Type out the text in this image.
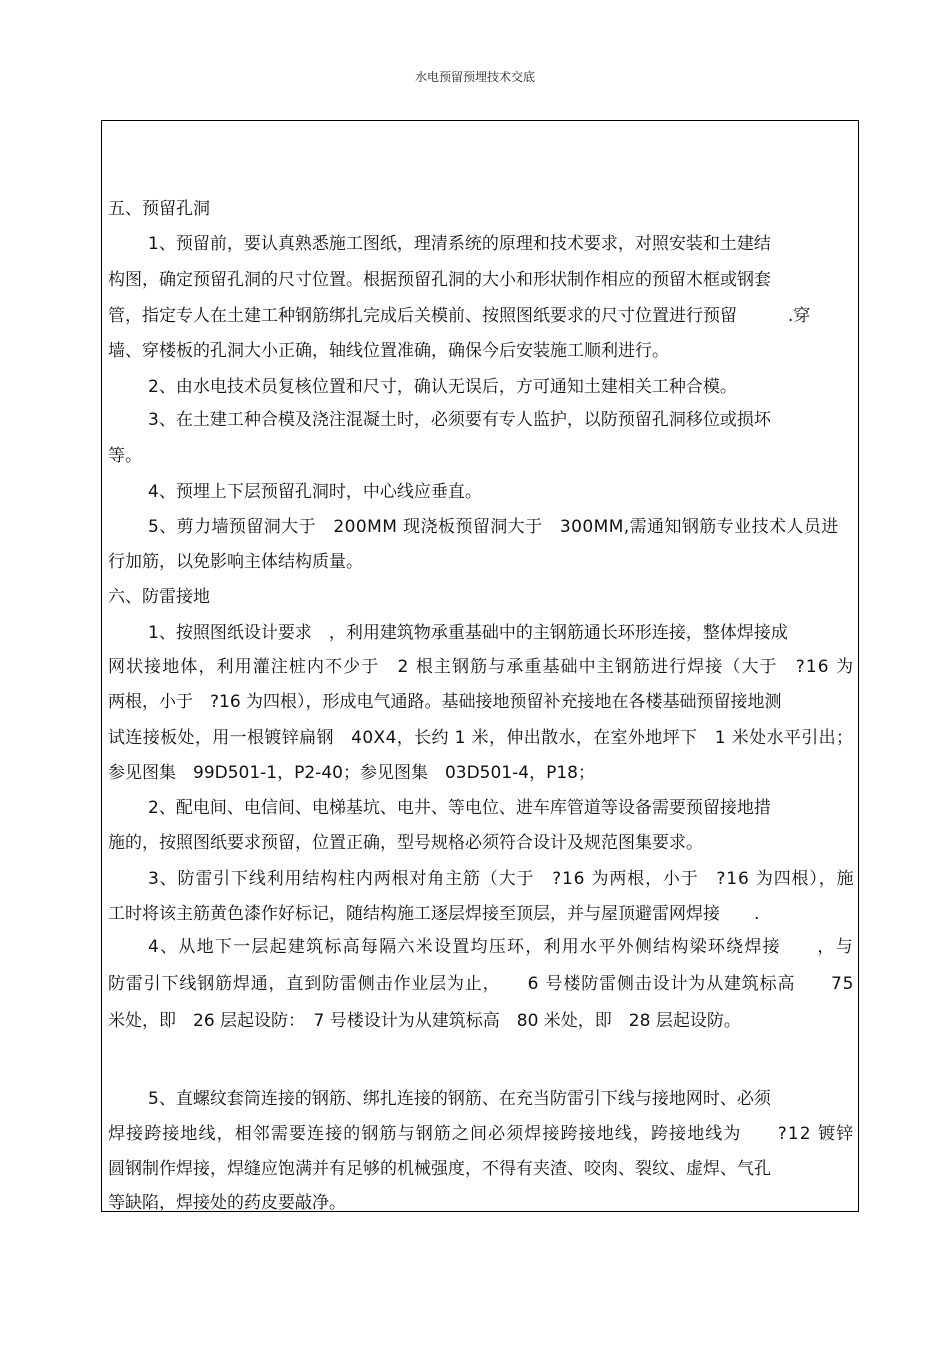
水电预留预埋技术交底
五、预留孔洞
1、预留前，要认真熟悉施工图纸，理清系统的原理和技术要求，对照安装和土建结
构图，确定预留孔洞的尺寸位置。根据预留孔洞的大小和形状制作相应的预留木框或钢套
管，指定专人在土建工种钢筋绑扎完成后关模前、按照图纸要求的尺寸位置进行预留　　　.穿
墙、穿楼板的孔洞大小正确，轴线位置准确，确保今后安装施工顺利进行。
2、由水电技术员复核位置和尺寸，确认无误后，方可通知土建相关工种合模。
3、在土建工种合模及浇注混凝土时，必须要有专人监护，以防预留孔洞移位或损坏
等。
4、预埋上下层预留孔洞时，中心线应垂直。
5、剪力墙预留洞大于　200MM 现浇板预留洞大于　300MM,需通知钢筋专业技术人员进
行加筋，以免影响主体结构质量。
六、防雷接地
1、按照图纸设计要求　，利用建筑物承重基础中的主钢筋通长环形连接，整体焊接成
网状接地体，利用灌注桩内不少于　2 根主钢筋与承重基础中主钢筋进行焊接（大于　?16 为
两根，小于　?16 为四根），形成电气通路。基础接地预留补充接地在各楼基础预留接地测
试连接板处，用一根镀锌扁钢　40X4，长约 1 米，伸出散水，在室外地坪下　1 米处水平引出；
参见图集　99D501-1，P2-40；参见图集　03D501-4，P18；
2、配电间、电信间、电梯基坑、电井、等电位、进车库管道等设备需要预留接地措
施的，按照图纸要求预留，位置正确，型号规格必须符合设计及规范图集要求。
3、防雷引下线利用结构柱内两根对角主筋（大于　?16 为两根，小于　?16 为四根），施
工时将该主筋黄色漆作好标记，随结构施工逐层焊接至顶层，并与屋顶避雷网焊接　　.
4、从地下一层起建筑标高每隔六米设置均压环，利用水平外侧结构梁环绕焊接　　，与
防雷引下线钢筋焊通，直到防雷侧击作业层为止，　　6 号楼防雷侧击设计为从建筑标高　　75
米处，即　26 层起设防：　7 号楼设计为从建筑标高　80 米处，即　28 层起设防。
5、直螺纹套筒连接的钢筋、绑扎连接的钢筋、在充当防雷引下线与接地网时、必须
焊接跨接地线，相邻需要连接的钢筋与钢筋之间必须焊接跨接地线，跨接地线为　　?12 镀锌
圆钢制作焊接，焊缝应饱满并有足够的机械强度，不得有夹渣、咬肉、裂纹、虚焊、气孔
等缺陷，焊接处的药皮要敲净。
